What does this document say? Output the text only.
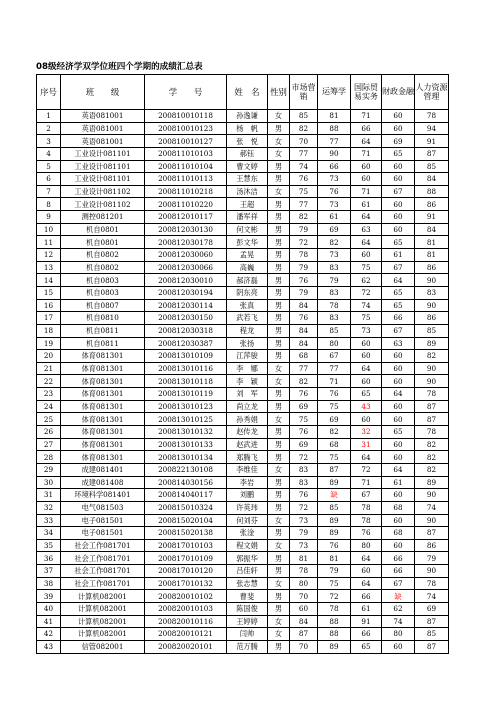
08级经济学双学位班四个学期的成绩汇总表
序号	班　　级	学　　号	姓　名	性别	市场营销	运筹学	国际贸易实务	财政金融	人力资源管理
1	英语081001	200810010118	孙逸谦	女	85	81	71	60	78
2	英语081001	200810010123	杨　帆	男	82	88	66	60	94
3	英语081001	200810010127	张　悦	女	70	77	64	69	91
4	工业设计081101	200811010103	郝钰	女	77	90	71	65	87
5	工业设计081101	200811010104	曹文婷	男	74	66	60	60	85
6	工业设计081101	200811010113	王慧东	男	76	73	60	60	84
7	工业设计081102	200811010218	汤沐洁	女	75	76	71	67	88
8	工业设计081102	200811010220	王超	男	77	73	61	60	86
9	测控081201	200812010117	潘军祥	男	82	61	64	60	91
10	机自0801	200812030130	何文彬	男	79	69	63	60	84
11	机自0801	200812030178	彭文华	男	72	82	64	65	81
12	机自0802	200812030060	孟晃	男	78	73	60	61	81
13	机自0802	200812030066	高巍	男	79	83	75	67	86
14	机自0803	200812030010	郝济磊	男	76	79	62	64	90
15	机自0803	200812030194	阴东亮	男	79	83	72	65	83
16	机自0807	200812030114	张真	男	84	78	74	65	90
17	机自0810	200812030150	武若飞	男	76	83	75	66	86
18	机自0811	200812030318	程龙	男	84	85	73	67	85
19	机自0811	200812030387	张扬	男	84	80	60	63	89
20	体育081301	200813010109	江萍骏	男	68	67	60	60	82
21	体育081301	200813010116	李　娜	女	77	77	64	60	90
22	体育081301	200813010118	李　颖	女	82	71	60	60	90
23	体育081301	200813010119	刘　军	男	76	76	65	64	78
24	体育081301	200813010123	尚立龙	男	69	75	43	60	87
25	体育081301	200813010125	孙秀娟	女	75	69	60	60	87
26	体育081301	200813010132	赵传龙	男	76	82	32	65	78
27	体育081301	200813010133	赵武进	男	69	68	31	60	82
28	体育081301	200813010134	郑腾飞	男	72	75	64	60	82
29	成建081401	200822130108	李维佳	女	83	87	72	64	82
30	成建081408	200814030156	李岩	男	83	89	71	61	89
31	环境科学081401	200814040117	刘鹏	男	76	缺	67	60	90
32	电气081503	200815010324	许英玮	男	72	85	78	68	74
33	电子081501	200815020104	何刘芬	女	73	89	78	60	90
34	电子081501	200815020138	张淦	男	79	89	76	68	87
35	社会工作081701	200817010103	程文娟	女	73	76	80	60	86
36	社会工作081701	200817010109	郭振华	男	81	81	64	66	79
37	社会工作081701	200817010120	吕佳轩	男	78	79	60	66	90
38	社会工作081701	200817010132	张志慧	女	80	75	64	67	78
39	计算机082001	200820010102	曹斐	男	70	72	66	缺	74
40	计算机082001	200820010103	陈国俊	男	60	78	61	62	69
41	计算机082001	200820010116	王婷婷	女	84	88	91	74	87
42	计算机082001	200820010121	闫帅	女	87	88	66	80	85
43	信管082001	200820020101	范万腾	男	70	89	65	60	87
